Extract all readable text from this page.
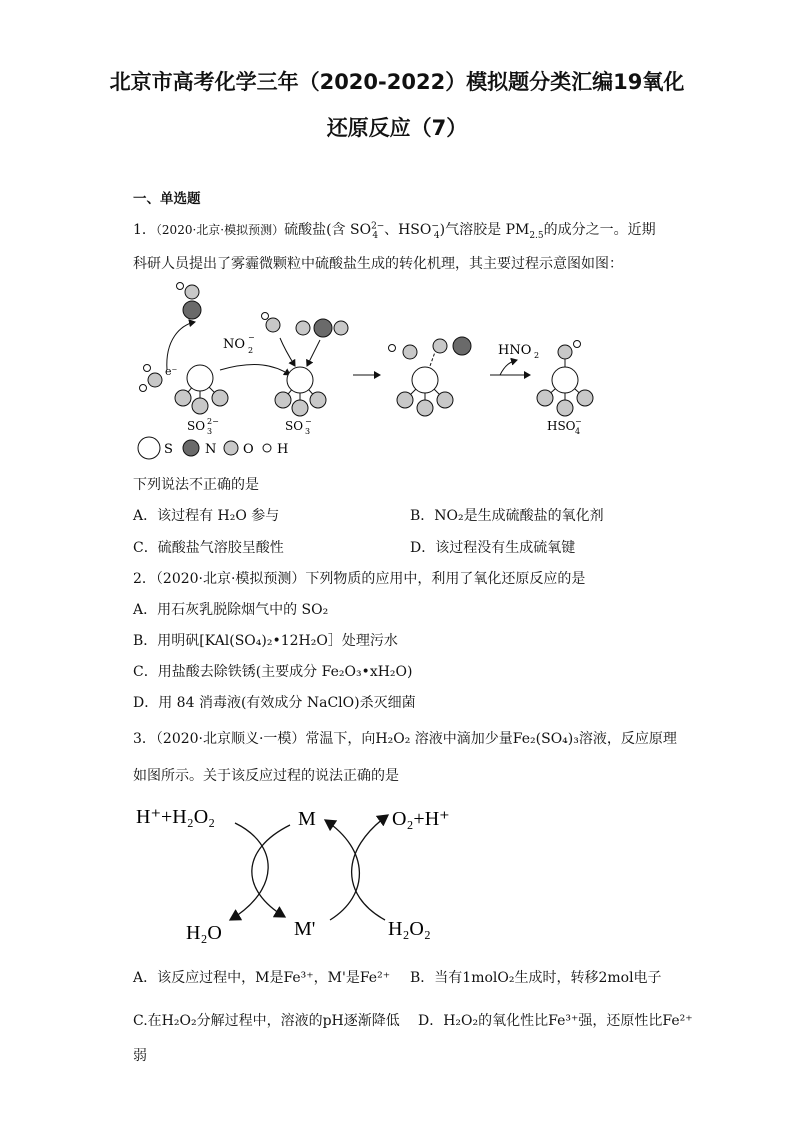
北京市高考化学三年（2020-2022）模拟题分类汇编19氧化
还原反应（7）
一、单选题
1．（2020·北京·模拟预测）硫酸盐(含 $SO^{2-}_4$ 、$HSO^-_4$)气溶胶是 $PM_{2.5}$的成分之一。近期
科研人员提出了雾霾微颗粒中硫酸盐生成的转化机理，其主要过程示意图如图：
e⁻
NO 2
−
HNO 2
SO 3
2−	SO 3
−	HSO 4
−
S N O H
下列说法不正确的是
A．该过程有 H₂O 参与	B．NO₂是生成硫酸盐的氧化剂
C．硫酸盐气溶胶呈酸性	D．该过程没有生成硫氧键
2．（2020·北京·模拟预测）下列物质的应用中，利用了氧化还原反应的是
A．用石灰乳脱除烟气中的 SO₂
B．用明矾[KAl(SO₄)₂•12H₂O］处理污水
C．用盐酸去除铁锈(主要成分 Fe₂O₃•xH₂O)
D．用 84 消毒液(有效成分 NaClO)杀灭细菌
3．（2020·北京顺义·一模）常温下，向H₂O₂ 溶液中滴加少量Fe₂(SO₄)₃溶液，反应原理
如图所示。关于该反应过程的说法正确的是
H⁺+H₂O₂	M	O₂+H⁺
H₂O	M'	H₂O₂
A．该反应过程中，M是Fe³⁺，M'是Fe²⁺ B．当有1molO₂生成时，转移2mol电子
C.在H₂O₂分解过程中，溶液的pH逐渐降低 D．H₂O₂的氧化性比Fe³⁺强，还原性比Fe²⁺
弱
